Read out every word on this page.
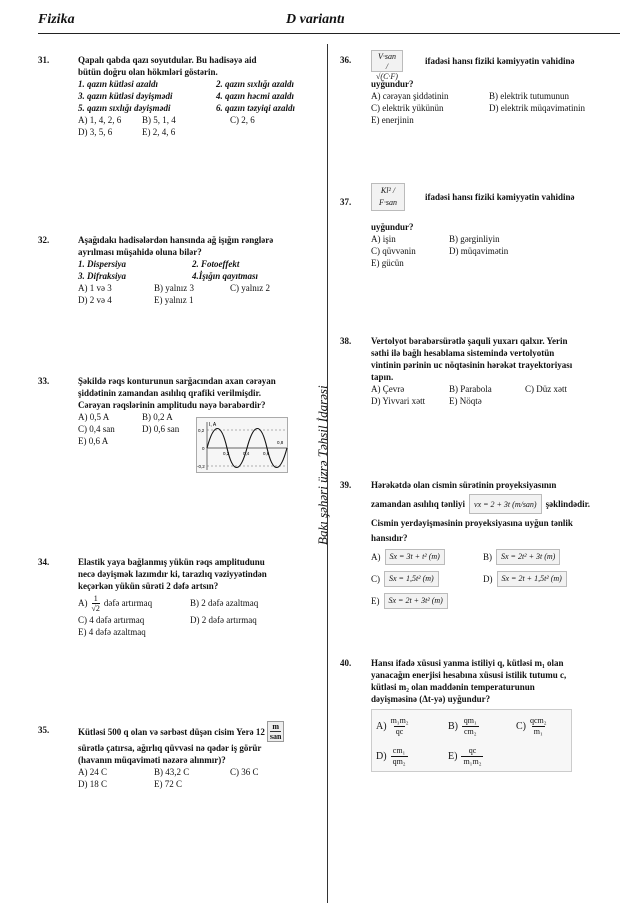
Fizika	D variantı
Bakı şəhəri üzrə Təhsil İdarəsi
31.	Qapalı qabda qazı soyutdular. Bu hadisəyə aid
bütün doğru olan hökmləri göstərin.
1. qazın kütləsi azaldı	2. qazın sıxlığı azaldı
3. qazın kütləsi dəyişmədi	4. qazın həcmi azaldı
5. qazın sıxlığı dəyişmədi	6. qazın təzyiqi azaldı
A) 1, 4, 2, 6	B) 5, 1, 4	C) 2, 6
D) 3, 5, 6	E) 2, 4, 6
32.	Aşağıdakı hadisələrdən hansında ağ işığın rənglərə
ayrılması müşahidə oluna bilər?
1. Dispersiya	2. Fotoeffekt
3. Difraksiya	4.İşığın qayıtması
A) 1 və 3	B) yalnız 3	C) yalnız 2
D) 2 və 4	E) yalnız 1
33.	Şəkildə rəqs konturunun sarğacından axan cərəyan
şiddətinin zamandan asılılıq qrafiki verilmişdir.
Cərəyan rəqslərinin amplitudu nəyə bərabərdir?
A) 0,5 A	B) 0,2 A
C) 0,4 san	D) 0,6 san
E) 0,6 A
I, A
0,2
0
-0,2
0,2	0,4	0,6
0,8
34.	Elastik yaya bağlanmış yükün rəqs amplitudunu
necə dəyişmək lazımdır ki, tarazlıq vəziyyətindən
keçərkən yükün sürəti 2 dəfə artsın?
$A) \frac{1}{√2}$ dəfə artırmaq	B) 2 dəfə azaltmaq
C) 4 dəfə artırmaq	D) 2 dəfə artırmaq
E) 4 dəfə azaltmaq
35.	Kütləsi 500 q olan və sərbəst düşən cisim Yerə 12 m
san
sürətlə çatırsa, ağırlıq qüvvəsi nə qədər iş görür
(havanın müqaviməti nəzərə alınmır)?
A) 24 C	B) 43,2 C	C) 36 C
D) 18 C	E) 72 C
36.	V·san / √(C·F)
ifadəsi hansı fiziki kəmiyyətin vahidinə
uyğundur?
A) cərəyan şiddətinin	B) elektrik tutumunun
C) elektrik yükünün	D) elektrik müqavimətinin
E) enerjinin
37.
Kl² / F·san
ifadəsi hansı fiziki kəmiyyətin vahidinə
uyğundur?
A) işin	B) gərginliyin
C) qüvvənin	D) müqavimətin
E) gücün
38. Vertolyot bərabərsürətlə şaquli yuxarı qalxır. Yerin
səthi ilə bağlı hesablama sistemində vertolyotün
vintinin pərinin uc nöqtəsinin hərəkət trayektoriyası
tapın.
A) Çevrə	B) Parabola	C) Düz xətt
D) Yivvari xətt	E) Nöqtə
39. Hərəkətdə olan cismin sürətinin proyeksiyasının
zamandan asılılıq tənliyi	vx = 2 + 3t (m/san)	şəklindədir.
Cismin yerdəyişməsinin proyeksiyasına uyğun tənlik
hansıdır?
A)	Sx = 3t + t² (m)	B)	Sx = 2t² + 3t (m)
C)	Sx = 1,5t² (m)	D)	Sx = 2t + 1,5t² (m)
E)	Sx = 2t + 3t² (m)
40. Hansı ifadə xüsusi yanma istiliyi q, kütləsi m₁ olan
yanacağın enerjisi hesabına xüsusi istilik tutumu c,
kütləsi m₂ olan maddənin temperaturunun
dəyişməsinə (Δt-yə) uyğundur?
$A) \frac{\text{m₁m₂}}{qc}$	$B) \frac{\text{qm₁}}{\text{cm₂}}$	C) qcm₂
m₁
$D) \frac{\text{cm₁}}{\text{qm₂}}$	$E) \frac{qc}{\text{m₁m₂}}$
